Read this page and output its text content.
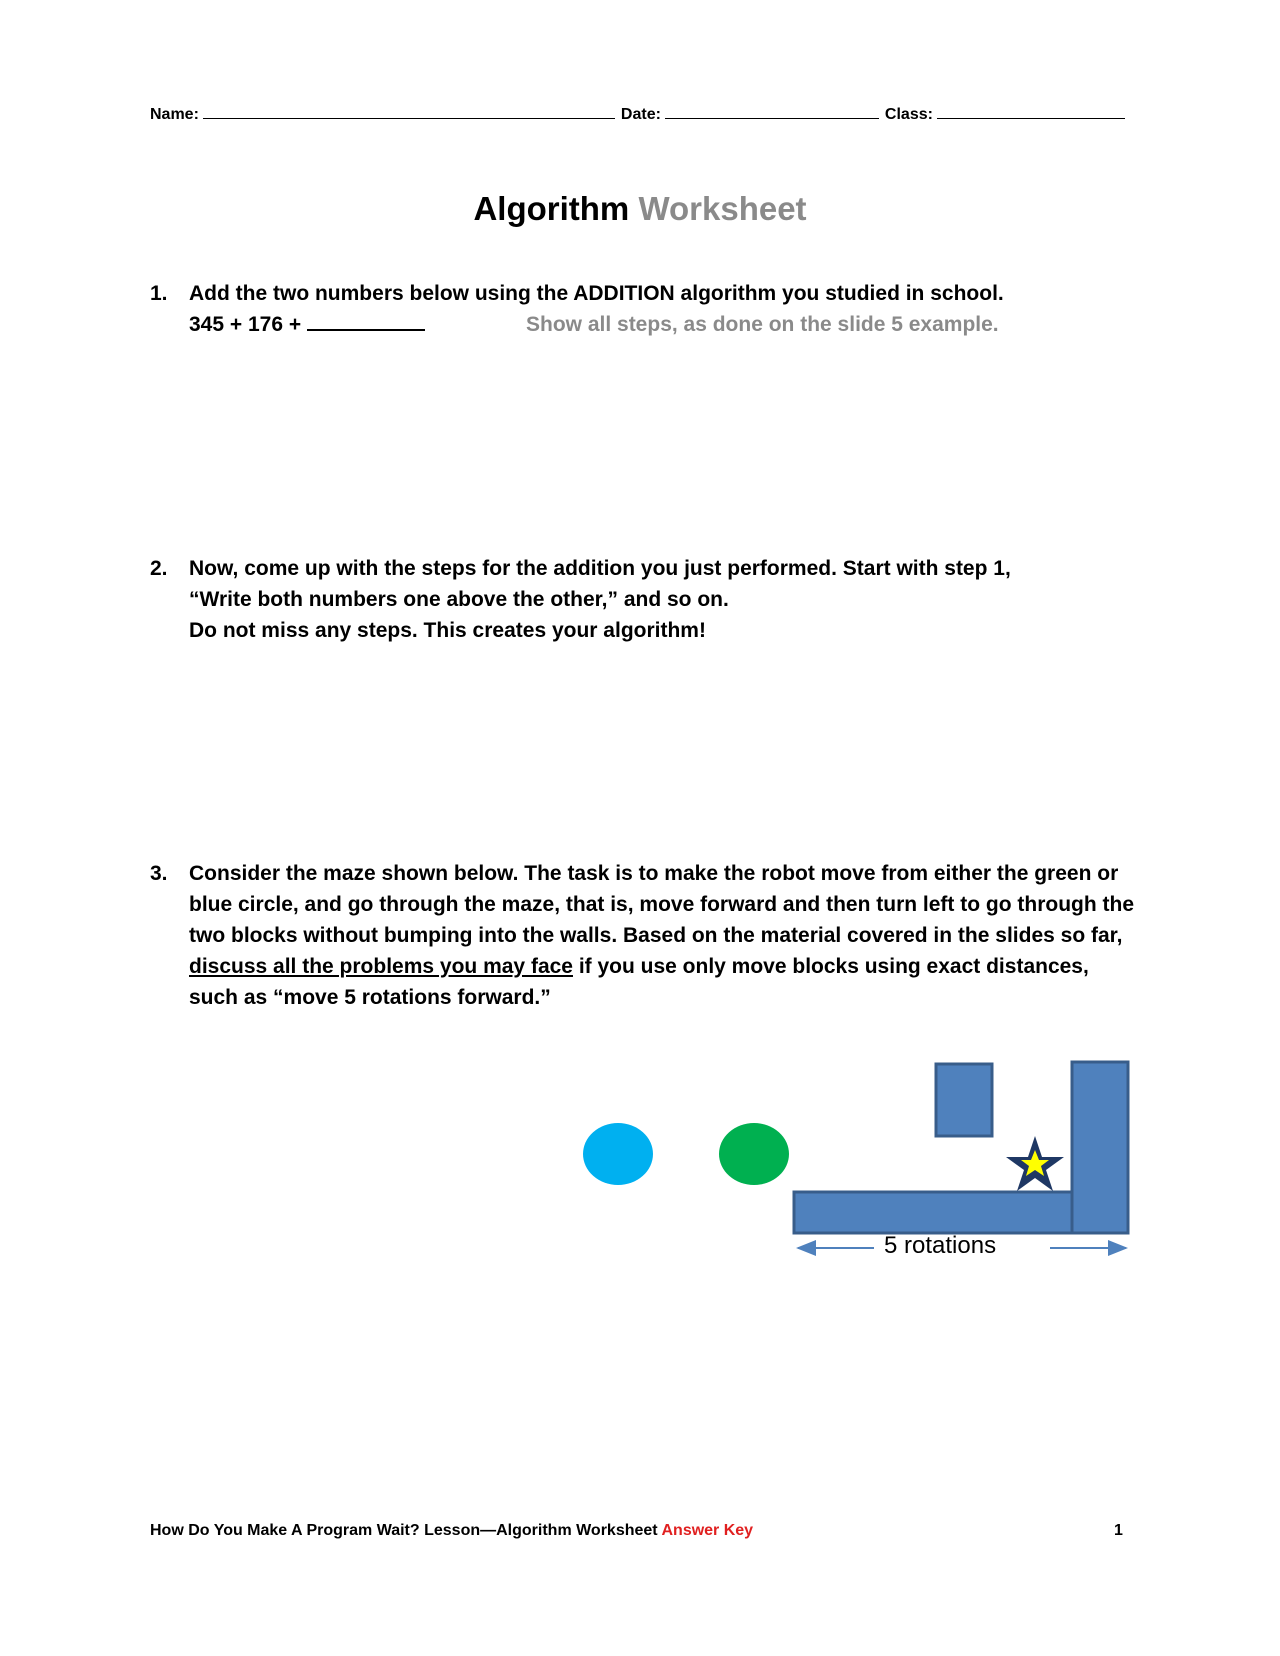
Name:	Date:	Class:
Algorithm Worksheet
1. Add the two numbers below using the ADDITION algorithm you studied in school.
345 + 176 +	Show all steps, as done on the slide 5 example.
2. Now, come up with the steps for the addition you just performed. Start with step 1,
“Write both numbers one above the other,” and so on.
Do not miss any steps. This creates your algorithm!
3. Consider the maze shown below. The task is to make the robot move from either the green or blue circle, and go through the maze, that is, move forward and then turn left to go through the two blocks without bumping into the walls. Based on the material covered in the slides so far, discuss all the problems you may face if you use only move blocks using exact distances, such as “move 5 rotations forward.”
5 rotations
How Do You Make A Program Wait? Lesson—Algorithm Worksheet Answer Key	1
